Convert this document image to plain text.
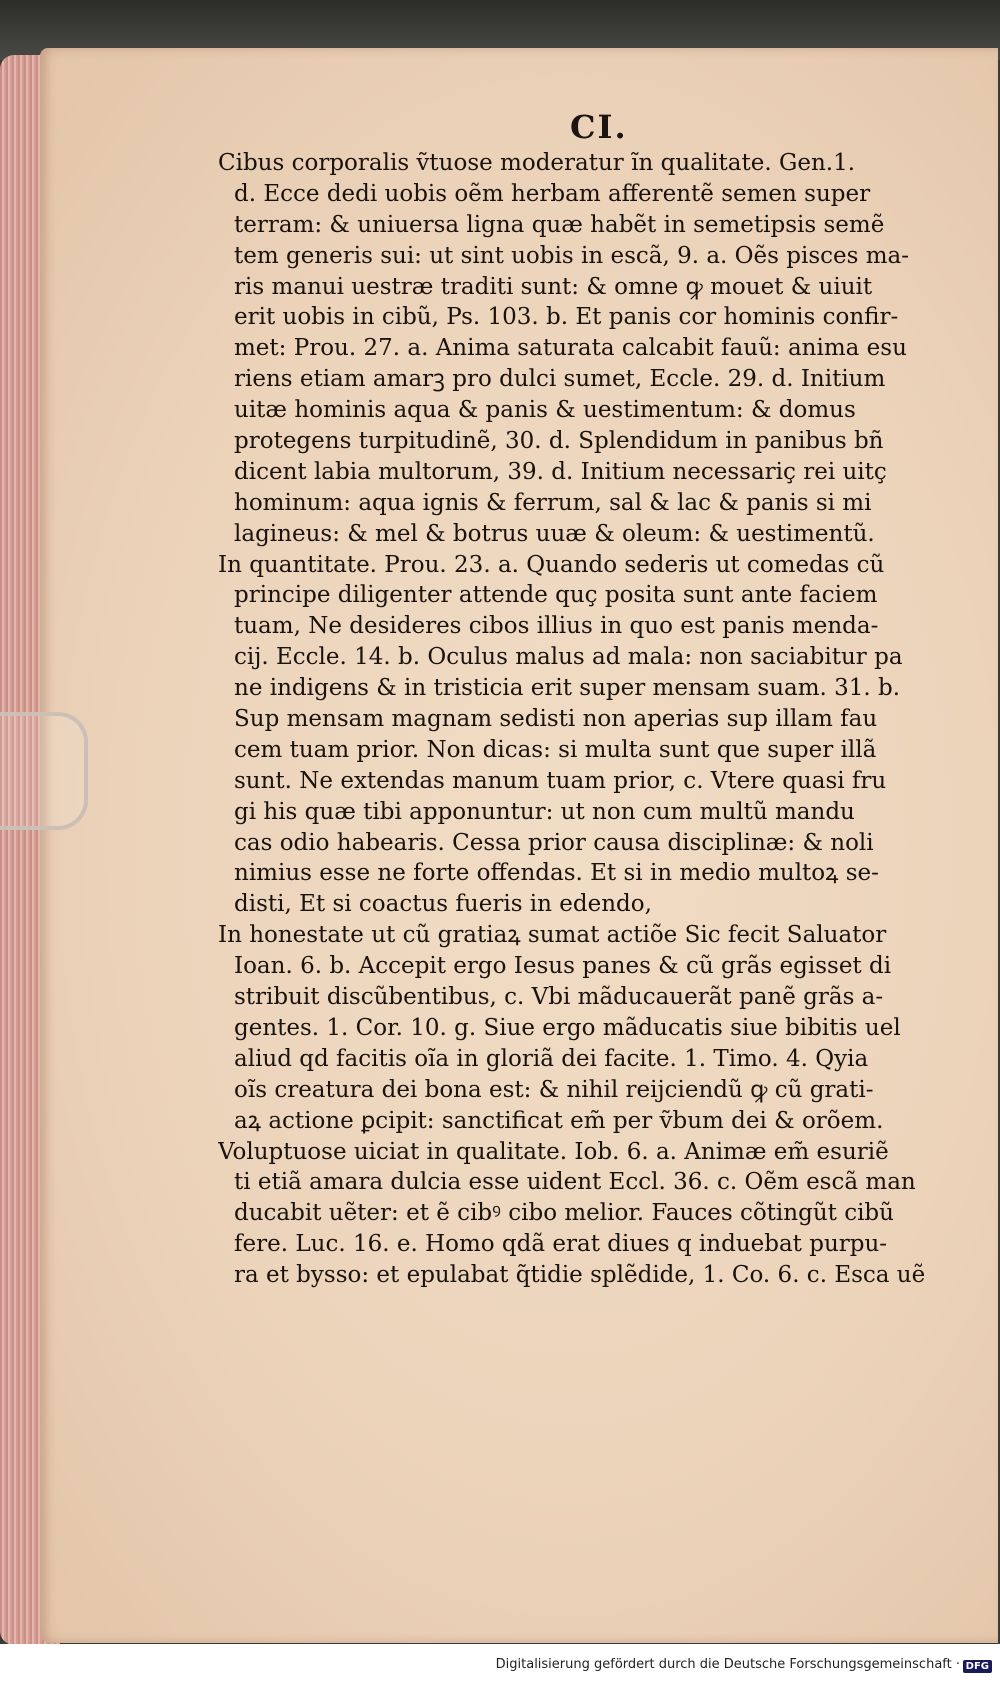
CI.
Cibus corporalis ṽtuose moderatur ĩn qualitate. Gen.1.
d. Ecce dedi uobis oẽm herbam afferentẽ semen super
terram: & uniuersa ligna quæ habẽt in semetipsis semẽ
tem generis sui: ut sint uobis in escã, 9. a. Oẽs pisces ma-
ris manui uestræ traditi sunt: & omne ꝙ mouet & uiuit
erit uobis in cibũ, Ps. 103. b. Et panis cor hominis confir-
met: Prou. 27. a. Anima saturata calcabit fauũ: anima esu
riens etiam amarꝫ pro dulci sumet, Eccle. 29. d. Initium
uitæ hominis aqua & panis & uestimentum: & domus
protegens turpitudinẽ, 30. d. Splendidum in panibus bñ
dicent labia multorum, 39. d. Initium necessariç rei uitç
hominum: aqua ignis & ferrum, sal & lac & panis si mi
lagineus: & mel & botrus uuæ & oleum: & uestimentũ.
In quantitate. Prou. 23. a. Quando sederis ut comedas cũ
principe diligenter attende quç posita sunt ante faciem
tuam, Ne desideres cibos illius in quo est panis menda-
cij. Eccle. 14. b. Oculus malus ad mala: non saciabitur pa
ne indigens & in tristicia erit super mensam suam. 31. b.
Sup mensam magnam sedisti non aperias sup illam fau
cem tuam prior. Non dicas: si multa sunt que super illã
sunt. Ne extendas manum tuam prior, c. Vtere quasi fru
gi his quæ tibi apponuntur: ut non cum multũ mandu
cas odio habearis. Cessa prior causa disciplinæ: & noli
nimius esse ne forte offendas. Et si in medio multoꝝ se-
disti, Et si coactus fueris in edendo,
In honestate ut cũ gratiaꝝ sumat actiõe Sic fecit Saluator
Ioan. 6. b. Accepit ergo Iesus panes & cũ grãs egisset di
stribuit discũbentibus, c. Vbi mãducauerãt panẽ grãs a-
gentes. 1. Cor. 10. g. Siue ergo mãducatis siue bibitis uel
aliud qd facitis oĩa in gloriã dei facite. 1. Timo. 4. Qyia
oĩs creatura dei bona est: & nihil reijciendũ ꝙ cũ grati-
aꝝ actione ꝑcipit: sanctificat em̃ per ṽbum dei & orõem.
Voluptuose uiciat in qualitate. Iob. 6. a. Animæ em̃ esuriẽ
ti etiã amara dulcia esse uident Eccl. 36. c. Oẽm escã man
ducabit uẽter: et ẽ cibꝰ cibo melior. Fauces cõtingũt cibũ
fere. Luc. 16. e. Homo qdã erat diues q induebat purpu-
ra et bysso: et epulabat q̃tidie splẽdide, 1. Co. 6. c. Esca uẽ
Digitalisierung gefördert durch die Deutsche Forschungsgemeinschaft · DFG
